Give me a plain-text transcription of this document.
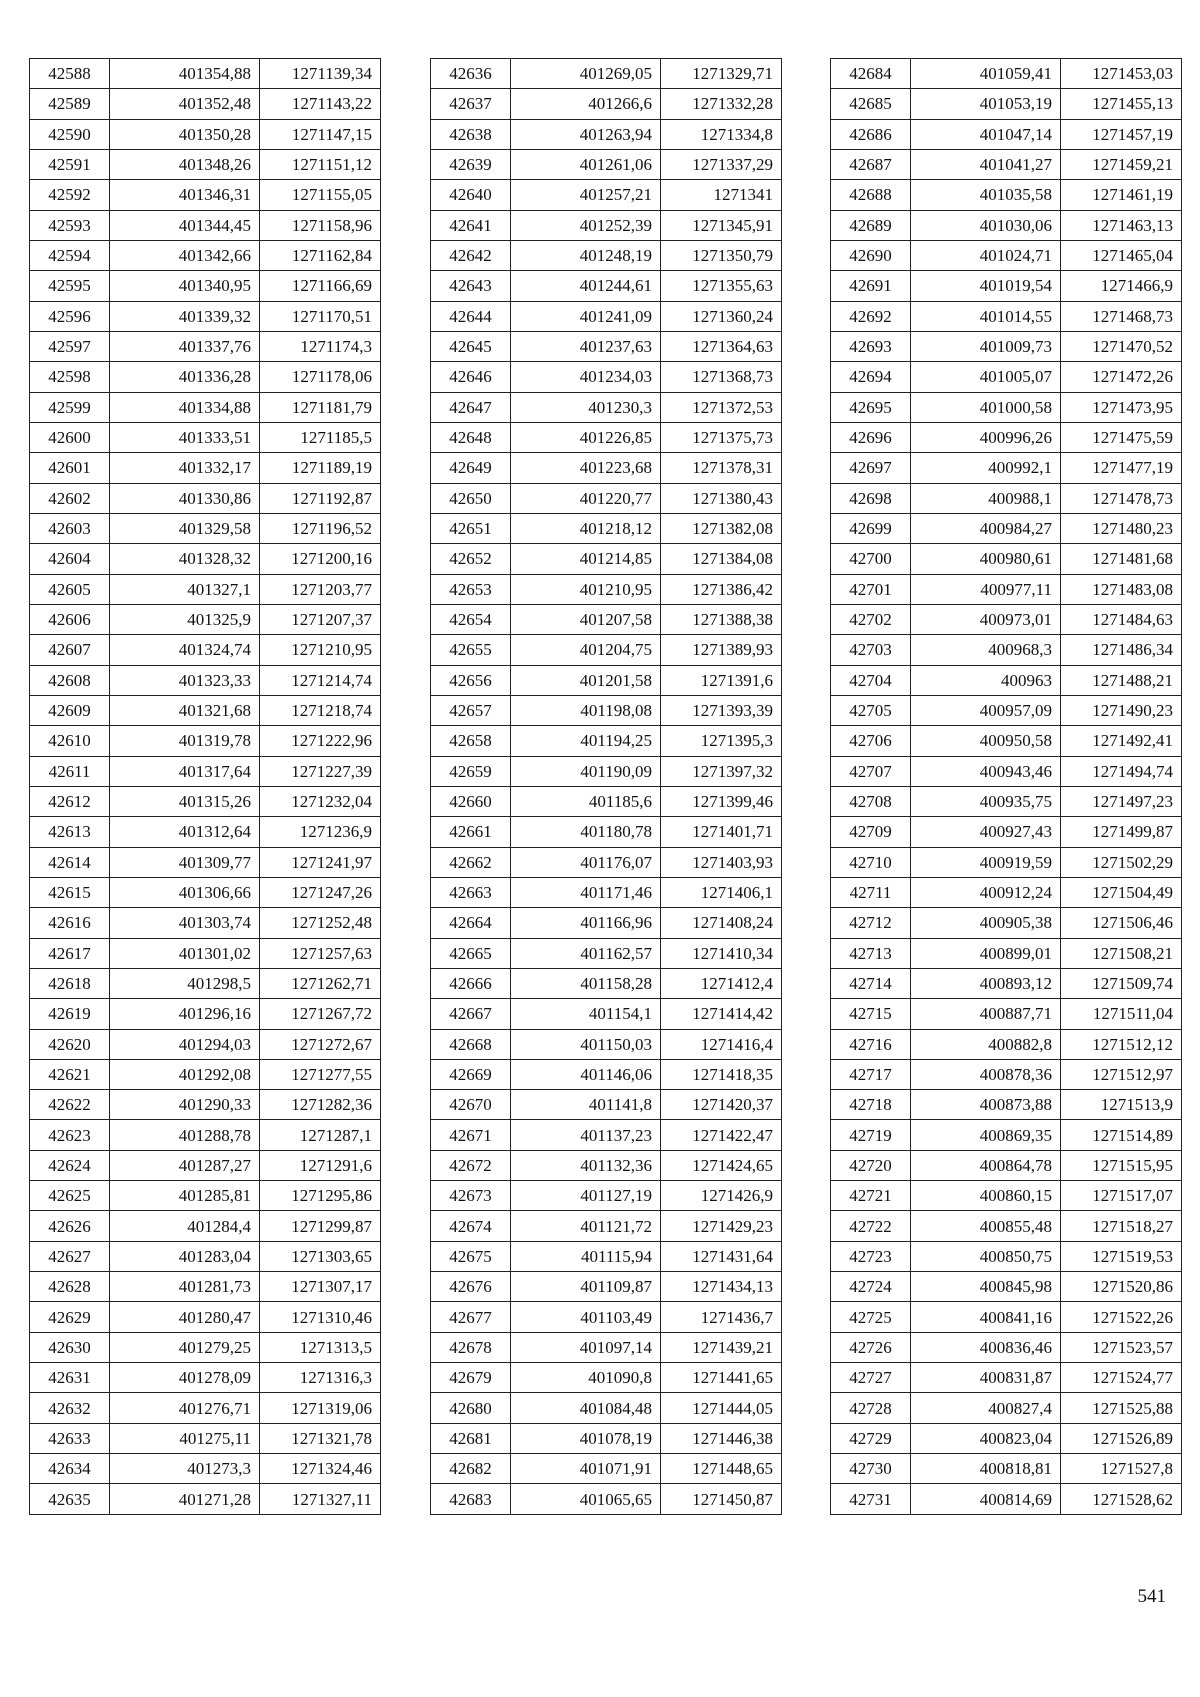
42588	401354,88	1271139,34
42589	401352,48	1271143,22
42590	401350,28	1271147,15
42591	401348,26	1271151,12
42592	401346,31	1271155,05
42593	401344,45	1271158,96
42594	401342,66	1271162,84
42595	401340,95	1271166,69
42596	401339,32	1271170,51
42597	401337,76	1271174,3
42598	401336,28	1271178,06
42599	401334,88	1271181,79
42600	401333,51	1271185,5
42601	401332,17	1271189,19
42602	401330,86	1271192,87
42603	401329,58	1271196,52
42604	401328,32	1271200,16
42605	401327,1	1271203,77
42606	401325,9	1271207,37
42607	401324,74	1271210,95
42608	401323,33	1271214,74
42609	401321,68	1271218,74
42610	401319,78	1271222,96
42611	401317,64	1271227,39
42612	401315,26	1271232,04
42613	401312,64	1271236,9
42614	401309,77	1271241,97
42615	401306,66	1271247,26
42616	401303,74	1271252,48
42617	401301,02	1271257,63
42618	401298,5	1271262,71
42619	401296,16	1271267,72
42620	401294,03	1271272,67
42621	401292,08	1271277,55
42622	401290,33	1271282,36
42623	401288,78	1271287,1
42624	401287,27	1271291,6
42625	401285,81	1271295,86
42626	401284,4	1271299,87
42627	401283,04	1271303,65
42628	401281,73	1271307,17
42629	401280,47	1271310,46
42630	401279,25	1271313,5
42631	401278,09	1271316,3
42632	401276,71	1271319,06
42633	401275,11	1271321,78
42634	401273,3	1271324,46
42635	401271,28	1271327,11
42636	401269,05	1271329,71
42637	401266,6	1271332,28
42638	401263,94	1271334,8
42639	401261,06	1271337,29
42640	401257,21	1271341
42641	401252,39	1271345,91
42642	401248,19	1271350,79
42643	401244,61	1271355,63
42644	401241,09	1271360,24
42645	401237,63	1271364,63
42646	401234,03	1271368,73
42647	401230,3	1271372,53
42648	401226,85	1271375,73
42649	401223,68	1271378,31
42650	401220,77	1271380,43
42651	401218,12	1271382,08
42652	401214,85	1271384,08
42653	401210,95	1271386,42
42654	401207,58	1271388,38
42655	401204,75	1271389,93
42656	401201,58	1271391,6
42657	401198,08	1271393,39
42658	401194,25	1271395,3
42659	401190,09	1271397,32
42660	401185,6	1271399,46
42661	401180,78	1271401,71
42662	401176,07	1271403,93
42663	401171,46	1271406,1
42664	401166,96	1271408,24
42665	401162,57	1271410,34
42666	401158,28	1271412,4
42667	401154,1	1271414,42
42668	401150,03	1271416,4
42669	401146,06	1271418,35
42670	401141,8	1271420,37
42671	401137,23	1271422,47
42672	401132,36	1271424,65
42673	401127,19	1271426,9
42674	401121,72	1271429,23
42675	401115,94	1271431,64
42676	401109,87	1271434,13
42677	401103,49	1271436,7
42678	401097,14	1271439,21
42679	401090,8	1271441,65
42680	401084,48	1271444,05
42681	401078,19	1271446,38
42682	401071,91	1271448,65
42683	401065,65	1271450,87
42684	401059,41	1271453,03
42685	401053,19	1271455,13
42686	401047,14	1271457,19
42687	401041,27	1271459,21
42688	401035,58	1271461,19
42689	401030,06	1271463,13
42690	401024,71	1271465,04
42691	401019,54	1271466,9
42692	401014,55	1271468,73
42693	401009,73	1271470,52
42694	401005,07	1271472,26
42695	401000,58	1271473,95
42696	400996,26	1271475,59
42697	400992,1	1271477,19
42698	400988,1	1271478,73
42699	400984,27	1271480,23
42700	400980,61	1271481,68
42701	400977,11	1271483,08
42702	400973,01	1271484,63
42703	400968,3	1271486,34
42704	400963	1271488,21
42705	400957,09	1271490,23
42706	400950,58	1271492,41
42707	400943,46	1271494,74
42708	400935,75	1271497,23
42709	400927,43	1271499,87
42710	400919,59	1271502,29
42711	400912,24	1271504,49
42712	400905,38	1271506,46
42713	400899,01	1271508,21
42714	400893,12	1271509,74
42715	400887,71	1271511,04
42716	400882,8	1271512,12
42717	400878,36	1271512,97
42718	400873,88	1271513,9
42719	400869,35	1271514,89
42720	400864,78	1271515,95
42721	400860,15	1271517,07
42722	400855,48	1271518,27
42723	400850,75	1271519,53
42724	400845,98	1271520,86
42725	400841,16	1271522,26
42726	400836,46	1271523,57
42727	400831,87	1271524,77
42728	400827,4	1271525,88
42729	400823,04	1271526,89
42730	400818,81	1271527,8
42731	400814,69	1271528,62
541
